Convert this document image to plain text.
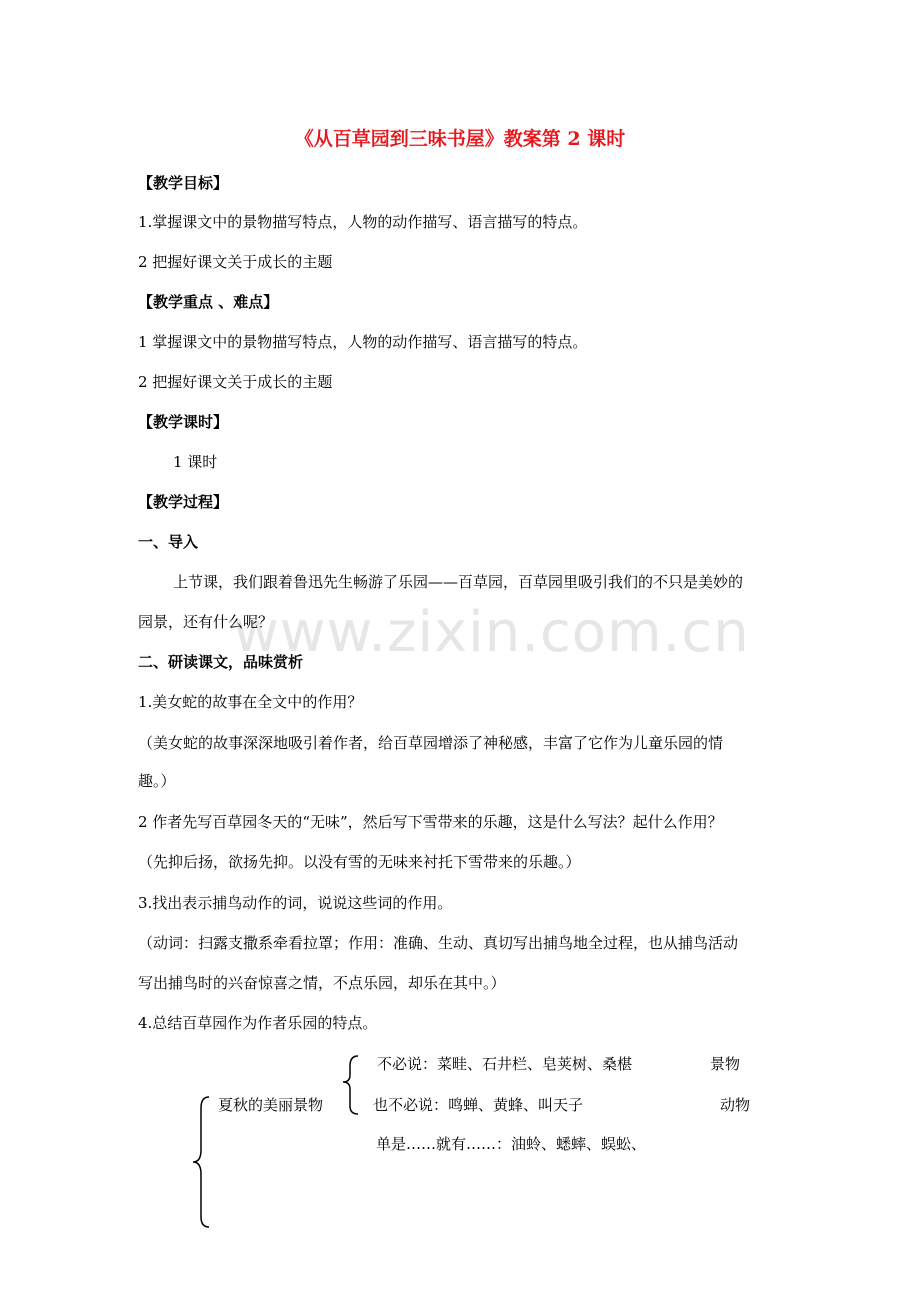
www.zixin.com.cn
《从百草园到三味书屋》教案第 2 课时
【教学目标】
1.掌握课文中的景物描写特点，人物的动作描写、语言描写的特点。
2 把握好课文关于成长的主题
【教学重点 、难点】
1 掌握课文中的景物描写特点，人物的动作描写、语言描写的特点。
2 把握好课文关于成长的主题
【教学课时】
1 课时
【教学过程】
一、导入
上节课，我们跟着鲁迅先生畅游了乐园——百草园，百草园里吸引我们的不只是美妙的
园景，还有什么呢？
二、研读课文，品味赏析
1.美女蛇的故事在全文中的作用？
（美女蛇的故事深深地吸引着作者，给百草园增添了神秘感，丰富了它作为儿童乐园的情
趣。）
2 作者先写百草园冬天的“无味”，然后写下雪带来的乐趣，这是什么写法？起什么作用？
（先抑后扬，欲扬先抑。以没有雪的无味来衬托下雪带来的乐趣。）
3.找出表示捕鸟动作的词，说说这些词的作用。
（动词：扫露支撒系牵看拉罩；作用：准确、生动、真切写出捕鸟地全过程，也从捕鸟活动
写出捕鸟时的兴奋惊喜之情，不点乐园，却乐在其中。）
4.总结百草园作为作者乐园的特点。
夏秋的美丽景物
不必说：菜畦、石井栏、皂荚树、桑椹	景物
也不必说：鸣蝉、黄蜂、叫天子	动物
单是……就有……：油蛉、蟋蟀、蜈蚣、
